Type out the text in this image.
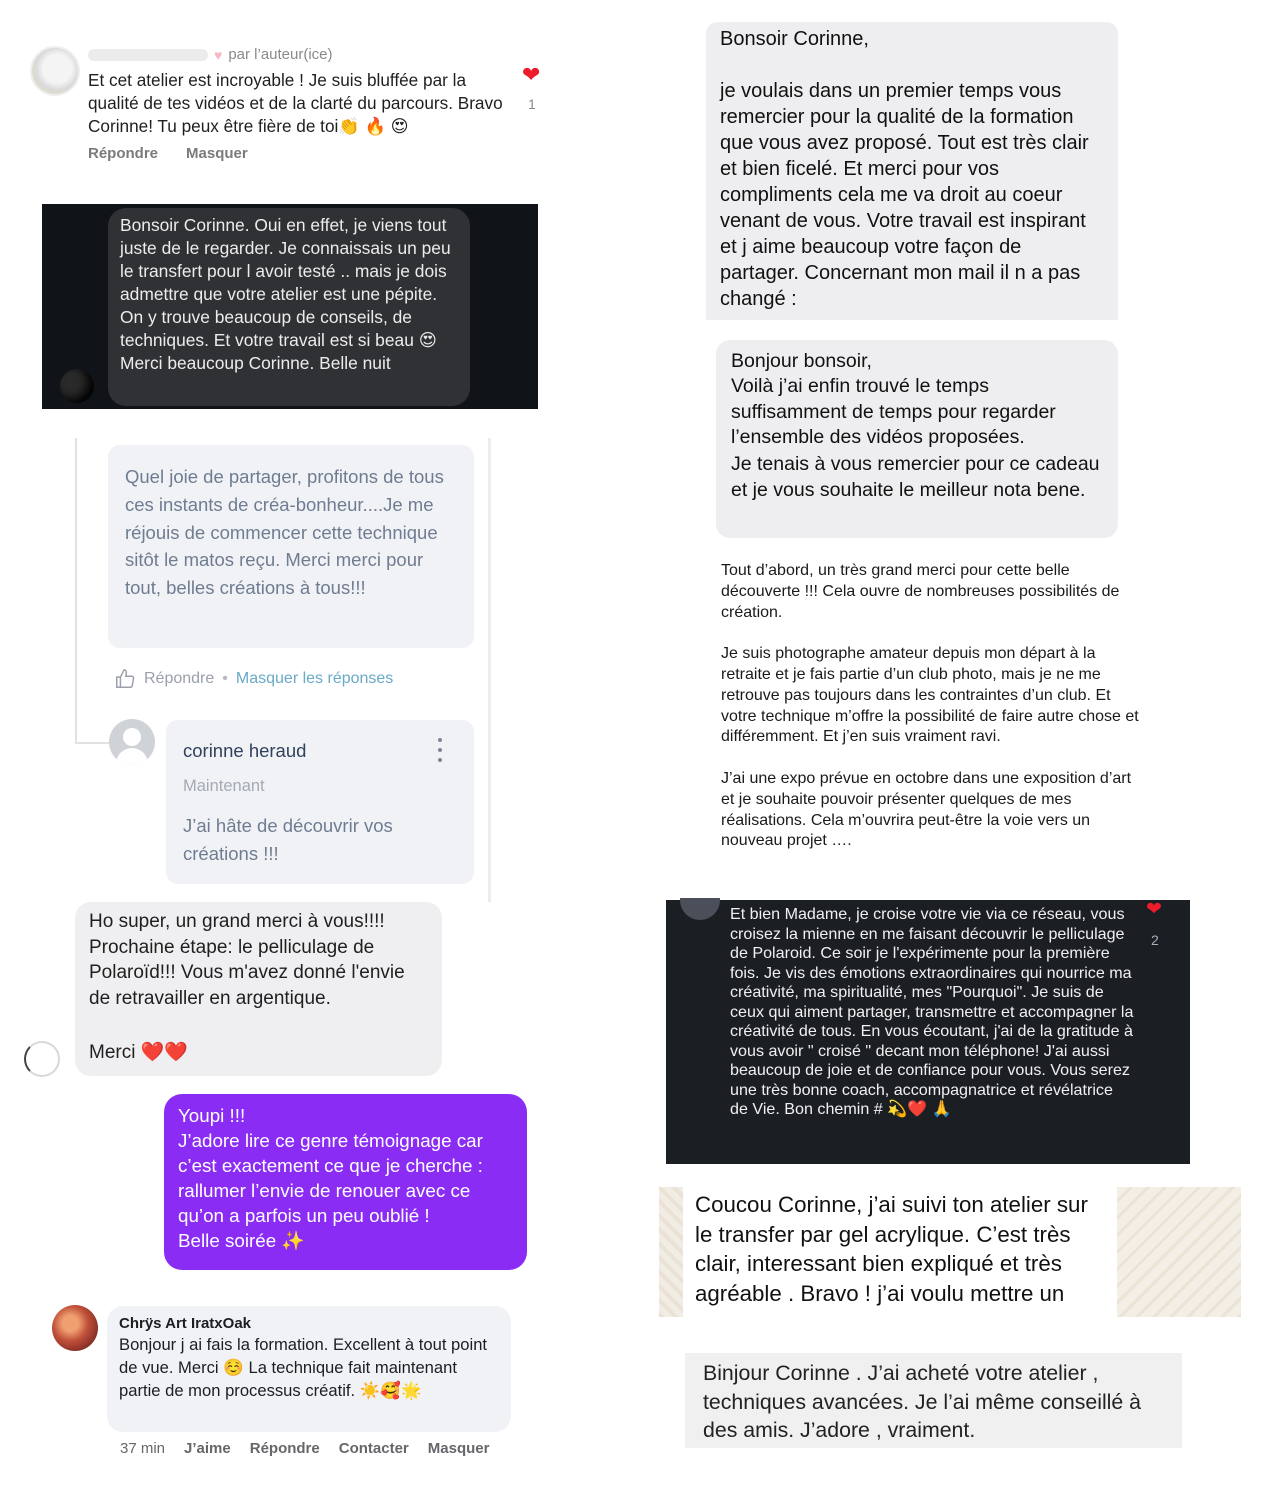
♥ par l’auteur(ice)
Et cet atelier est incroyable ! Je suis bluffée par la qualité de tes vidéos et de la clarté du parcours. Bravo Corinne! Tu peux être fière de toi👏 🔥 😍
Répondre Masquer
❤
1
Bonsoir Corinne. Oui en effet, je viens tout juste de le regarder. Je connaissais un peu le transfert pour l avoir testé .. mais je dois admettre que votre atelier est une pépite. On y trouve beaucoup de conseils, de techniques. Et votre travail est si beau 😍 Merci beaucoup Corinne. Belle nuit
Quel joie de partager, profitons de tous ces instants de créa-bonheur....Je me réjouis de commencer cette technique sitôt le matos reçu. Merci merci pour tout, belles créations à tous!!!
Répondre • Masquer les réponses
corinne heraud
Maintenant
J’ai hâte de découvrir vos créations !!!
Ho super, un grand merci à vous!!!!
Prochaine étape: le pelliculage de Polaroïd!!! Vous m'avez donné l'envie de retravailler en argentique.
Merci ❤️❤️
Youpi !!!
J’adore lire ce genre témoignage car c’est exactement ce que je cherche : rallumer l’envie de renouer avec ce qu’on a parfois un peu oublié !
Belle soirée ✨
Chrÿs Art IratxOak
Bonjour j ai fais la formation. Excellent à tout point de vue. Merci ☺️ La technique fait maintenant partie de mon processus créatif. ☀️🥰🌟
37 min J’aime Répondre Contacter Masquer
Bonsoir Corinne,
je voulais dans un premier temps vous remercier pour la qualité de la formation que vous avez proposé. Tout est très clair et bien ficelé. Et merci pour vos compliments cela me va droit au coeur venant de vous. Votre travail est inspirant et j aime beaucoup votre façon de partager. Concernant mon mail il n a pas changé :
Bonjour bonsoir,
Voilà j’ai enfin trouvé le temps suffisamment de temps pour regarder l’ensemble des vidéos proposées.
Je tenais à vous remercier pour ce cadeau et je vous souhaite le meilleur nota bene.

Tout d’abord, un très grand merci pour cette belle découverte !!! Cela ouvre de nombreuses possibilités de création.

Je suis photographe amateur depuis mon départ à la retraite et je fais partie d’un club photo, mais je ne me retrouve pas toujours dans les contraintes d’un club. Et votre technique m’offre la possibilité de faire autre chose et différemment. Et j’en suis vraiment ravi.

J’ai une expo prévue en octobre dans une exposition d’art et je souhaite pouvoir présenter quelques de mes réalisations. Cela m’ouvrira peut-être la voie vers un nouveau projet ….

Et bien Madame, je croise votre vie via ce réseau, vous croisez la mienne en me faisant découvrir le pelliculage de Polaroid. Ce soir je l'expérimente pour la première fois. Je vis des émotions extraordinaires qui nourrice ma créativité, ma spiritualité, mes "Pourquoi". Je suis de ceux qui aiment partager, transmettre et accompagner la créativité de tous. En vous écoutant, j'ai de la gratitude à vous avoir " croisé " decant mon téléphone! J'ai aussi beaucoup de joie et de confiance pour vous. Vous serez une très bonne coach, accompagnatrice et révélatrice de Vie. Bon chemin # 💫❤️ 🙏
❤
2
Coucou Corinne, j’ai suivi ton atelier sur le transfer par gel acrylique. C’est très clair, interessant bien expliqué et très agréable . Bravo ! j’ai voulu mettre un
Binjour Corinne . J’ai acheté votre atelier , techniques avancées. Je l’ai même conseillé à des amis. J’adore , vraiment.
